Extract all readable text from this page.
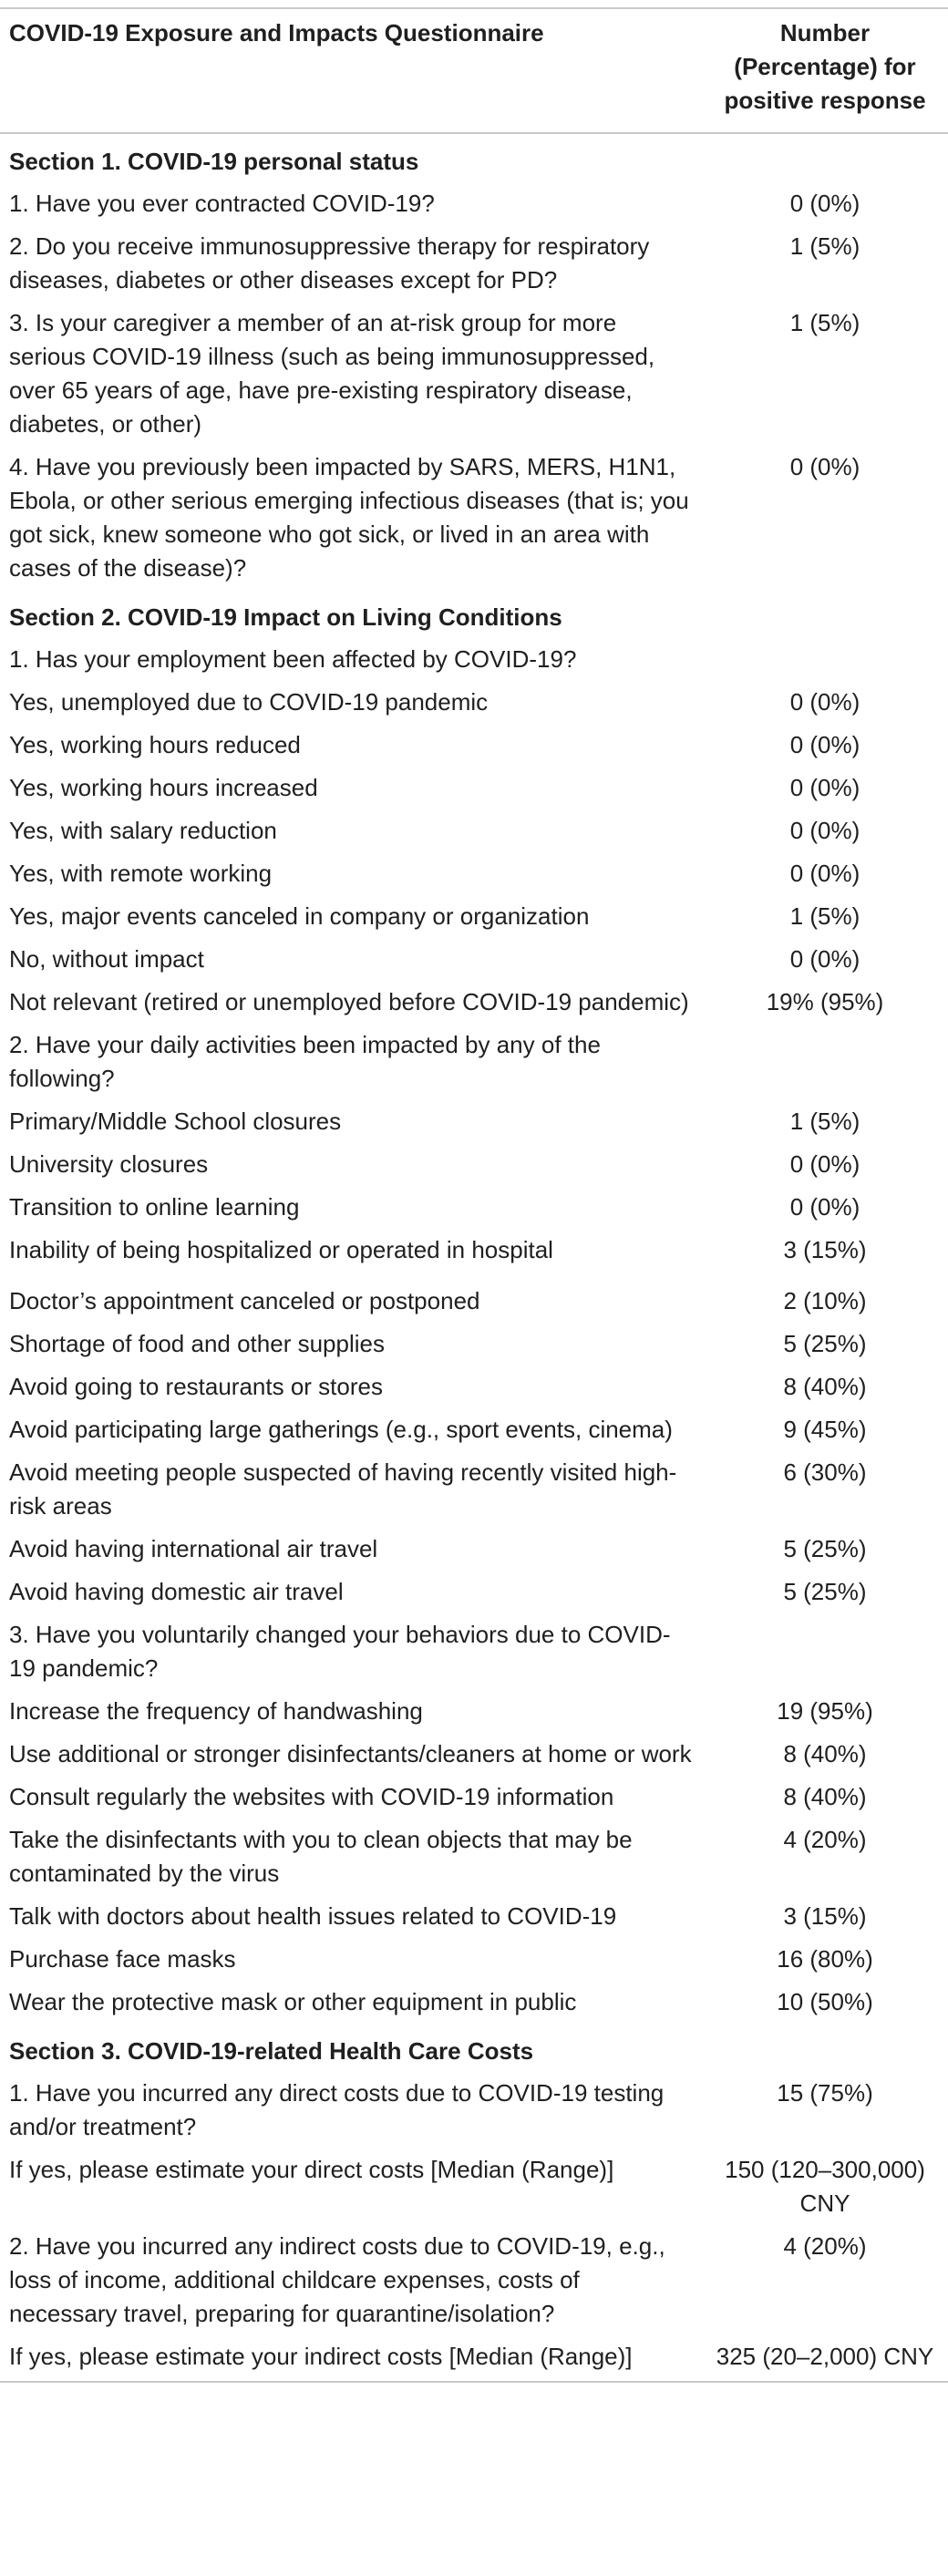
COVID-19 Exposure and Impacts Questionnaire	Number (Percentage) for positive response
Section 1. COVID-19 personal status	
1. Have you ever contracted COVID-19?	0 (0%)
2. Do you receive immunosuppressive therapy for respiratory diseases, diabetes or other diseases except for PD?	1 (5%)
3. Is your caregiver a member of an at-risk group for more serious COVID-19 illness (such as being immunosuppressed, over 65 years of age, have pre-existing respiratory disease, diabetes, or other)	1 (5%)
4. Have you previously been impacted by SARS, MERS, H1N1, Ebola, or other serious emerging infectious diseases (that is; you got sick, knew someone who got sick, or lived in an area with cases of the disease)?	0 (0%)
Section 2. COVID-19 Impact on Living Conditions	
1. Has your employment been affected by COVID-19?	
Yes, unemployed due to COVID-19 pandemic	0 (0%)
Yes, working hours reduced	0 (0%)
Yes, working hours increased	0 (0%)
Yes, with salary reduction	0 (0%)
Yes, with remote working	0 (0%)
Yes, major events canceled in company or organization	1 (5%)
No, without impact	0 (0%)
Not relevant (retired or unemployed before COVID-19 pandemic)	19% (95%)
2. Have your daily activities been impacted by any of the following?	
Primary/Middle School closures	1 (5%)
University closures	0 (0%)
Transition to online learning	0 (0%)
Inability of being hospitalized or operated in hospital	3 (15%)
Doctor’s appointment canceled or postponed	2 (10%)
Shortage of food and other supplies	5 (25%)
Avoid going to restaurants or stores	8 (40%)
Avoid participating large gatherings (e.g., sport events, cinema)	9 (45%)
Avoid meeting people suspected of having recently visited high-risk areas	6 (30%)
Avoid having international air travel	5 (25%)
Avoid having domestic air travel	5 (25%)
3. Have you voluntarily changed your behaviors due to COVID-19 pandemic?	
Increase the frequency of handwashing	19 (95%)
Use additional or stronger disinfectants/cleaners at home or work	8 (40%)
Consult regularly the websites with COVID-19 information	8 (40%)
Take the disinfectants with you to clean objects that may be contaminated by the virus	4 (20%)
Talk with doctors about health issues related to COVID-19	3 (15%)
Purchase face masks	16 (80%)
Wear the protective mask or other equipment in public	10 (50%)
Section 3. COVID-19-related Health Care Costs	
1. Have you incurred any direct costs due to COVID-19 testing and/or treatment?	15 (75%)
If yes, please estimate your direct costs [Median (Range)]	150 (120–300,000) CNY
2. Have you incurred any indirect costs due to COVID-19, e.g., loss of income, additional childcare expenses, costs of necessary travel, preparing for quarantine/isolation?	4 (20%)
If yes, please estimate your indirect costs [Median (Range)]	325 (20–2,000) CNY
